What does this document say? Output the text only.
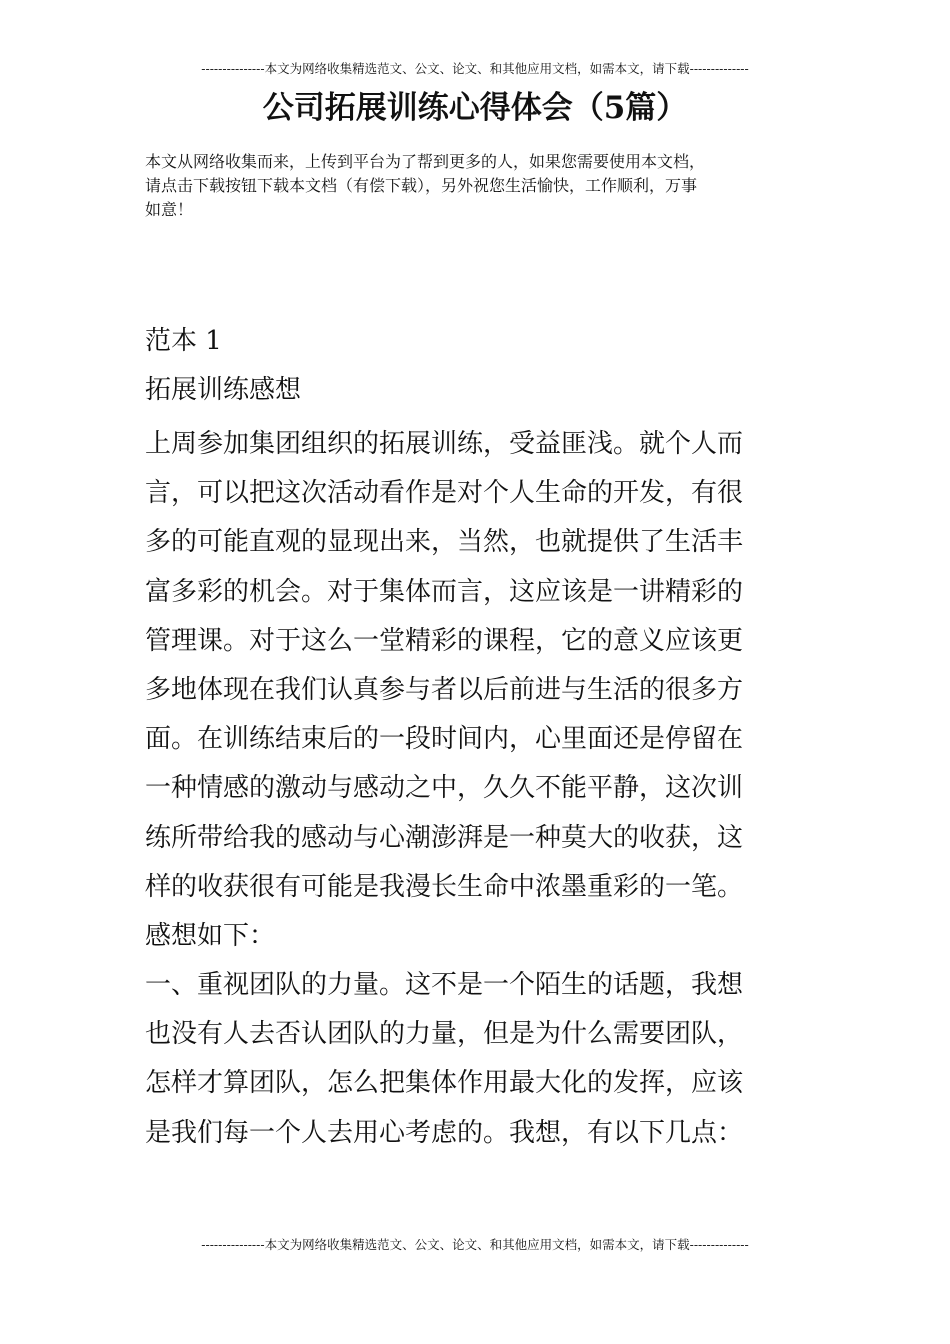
---------------本文为网络收集精选范文、公文、论文、和其他应用文档，如需本文，请下载--------------
公司拓展训练心得体会（5篇）
本文从网络收集而来，上传到平台为了帮到更多的人，如果您需要使用本文档，
请点击下载按钮下载本文档（有偿下载），另外祝您生活愉快，工作顺利，万事
如意！
范本 1
拓展训练感想
上周参加集团组织的拓展训练，受益匪浅。就个人而
言，可以把这次活动看作是对个人生命的开发，有很
多的可能直观的显现出来，当然，也就提供了生活丰
富多彩的机会。对于集体而言，这应该是一讲精彩的
管理课。对于这么一堂精彩的课程，它的意义应该更
多地体现在我们认真参与者以后前进与生活的很多方
面。在训练结束后的一段时间内，心里面还是停留在
一种情感的激动与感动之中，久久不能平静，这次训
练所带给我的感动与心潮澎湃是一种莫大的收获，这
样的收获很有可能是我漫长生命中浓墨重彩的一笔。
感想如下：
一、重视团队的力量。这不是一个陌生的话题，我想
也没有人去否认团队的力量，但是为什么需要团队，
怎样才算团队，怎么把集体作用最大化的发挥，应该
是我们每一个人去用心考虑的。我想，有以下几点：
---------------本文为网络收集精选范文、公文、论文、和其他应用文档，如需本文，请下载--------------
